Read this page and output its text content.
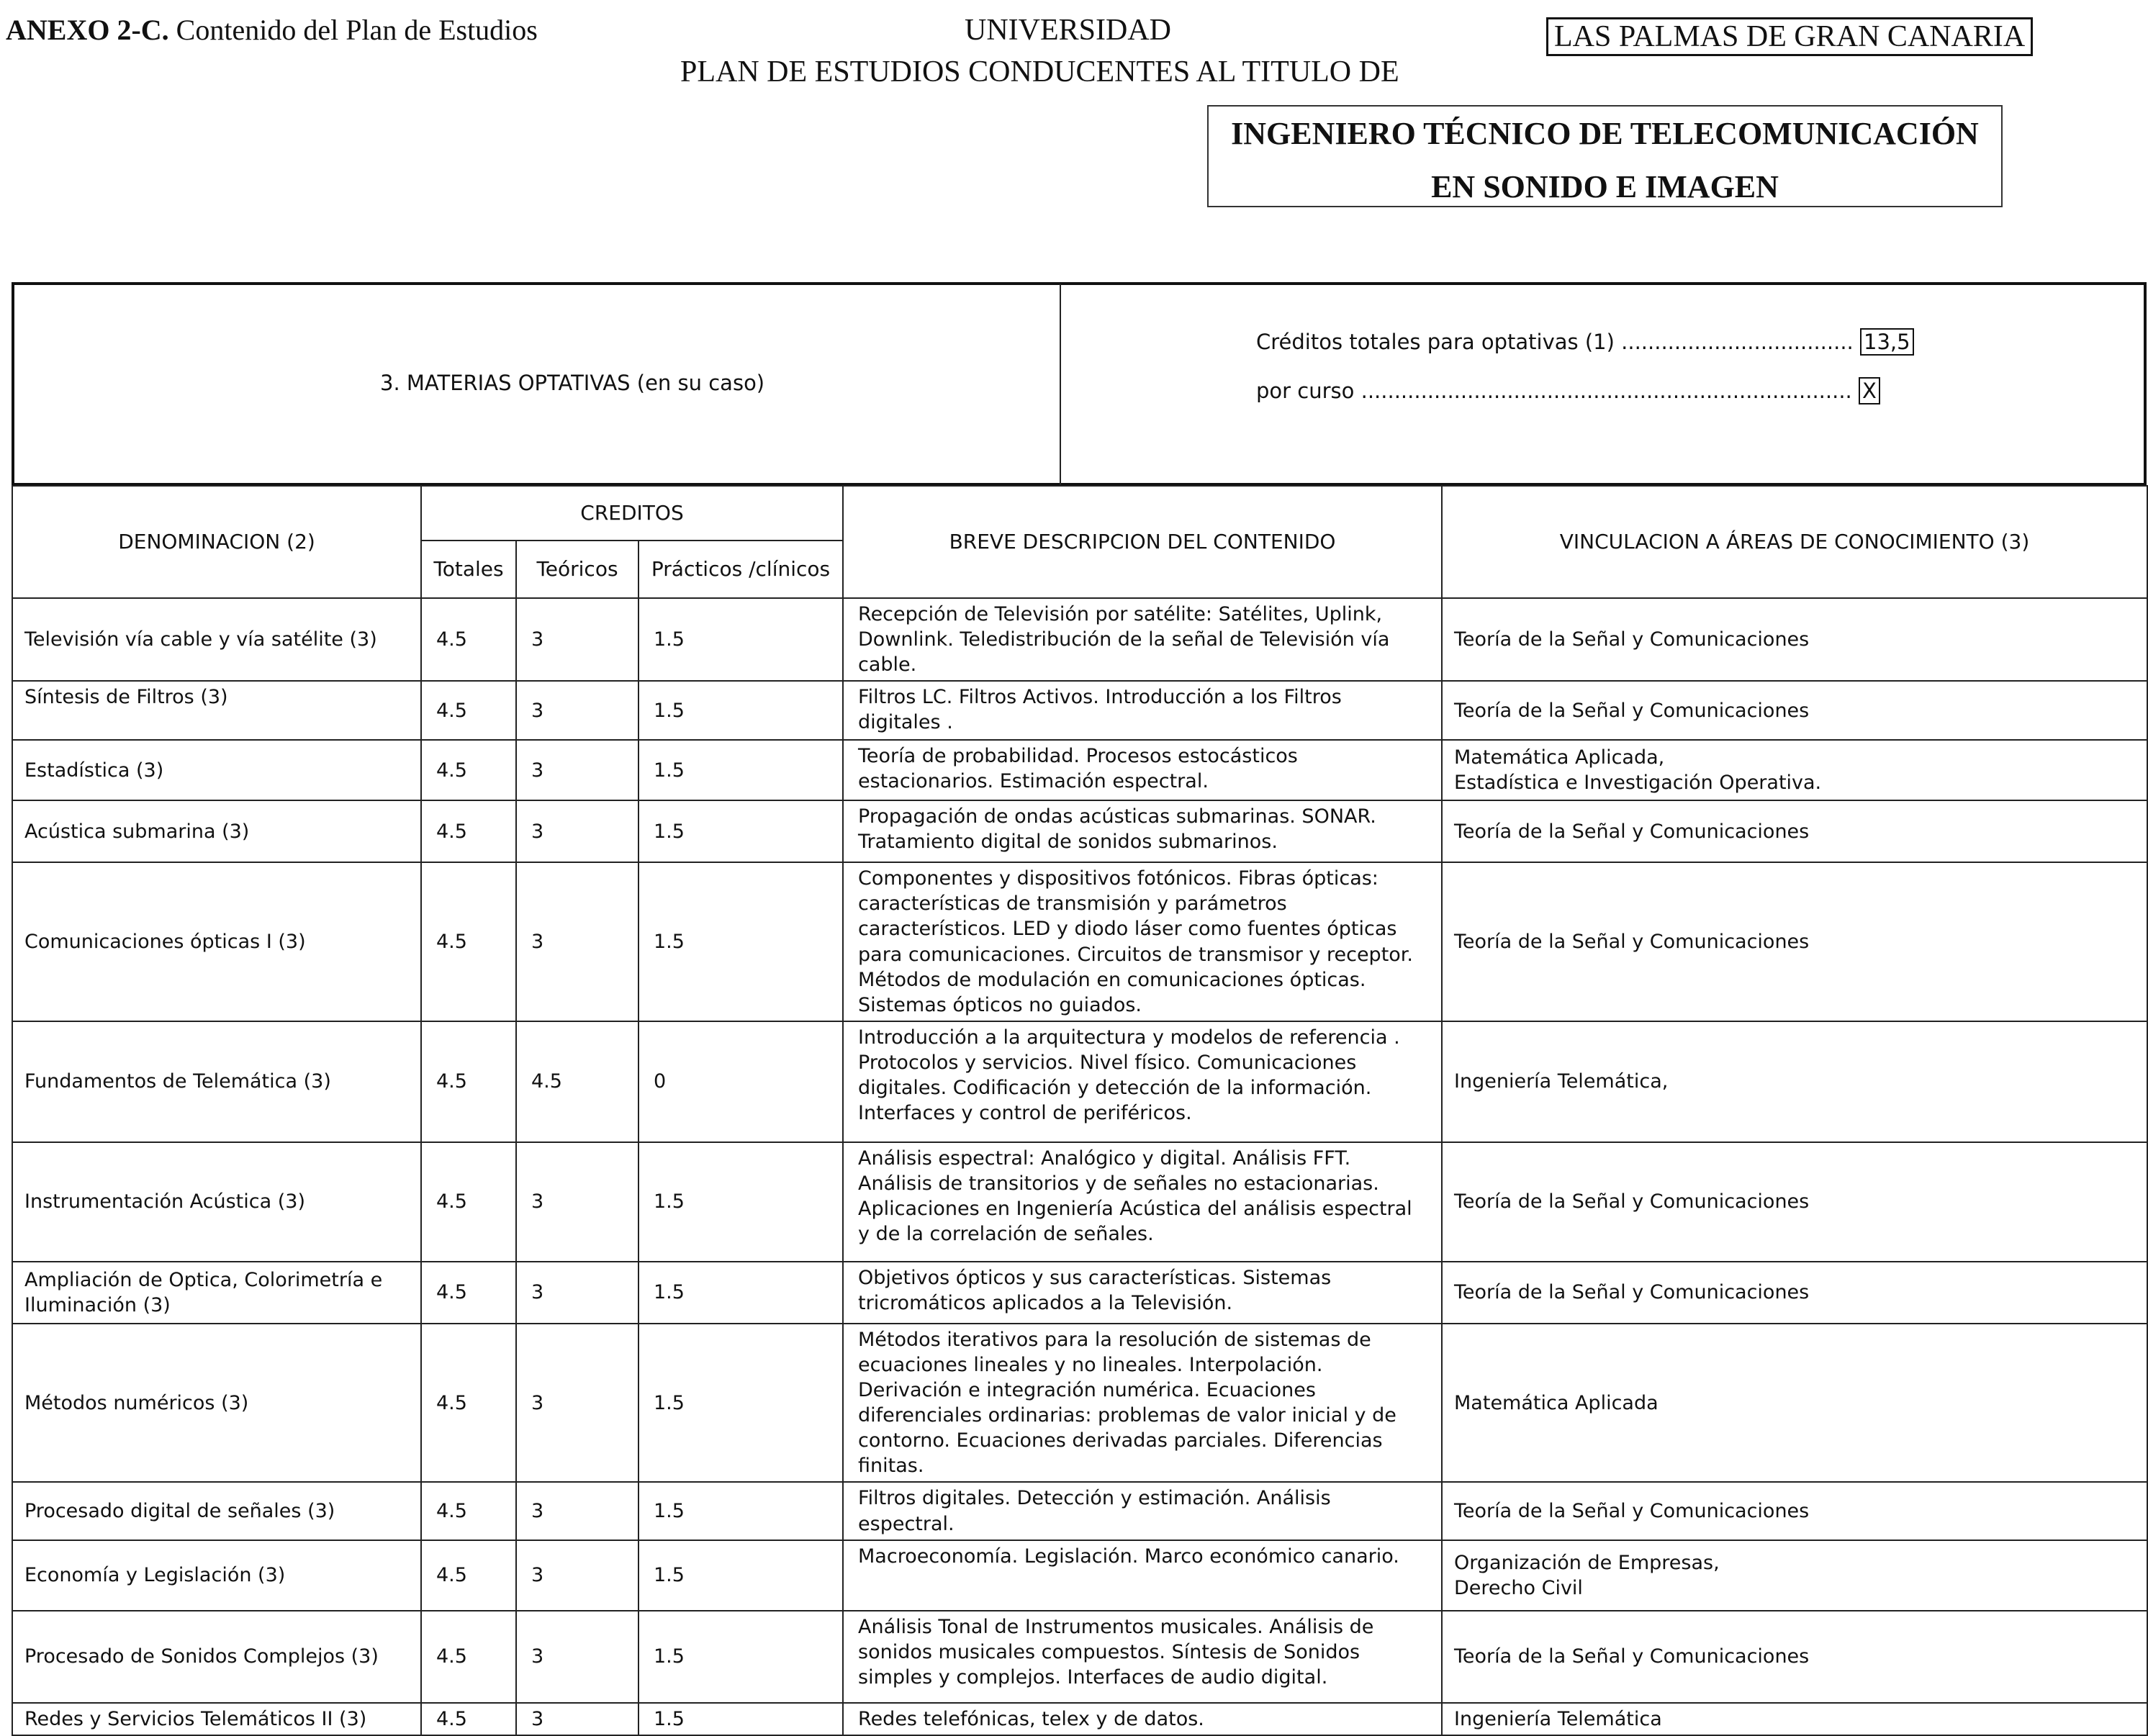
ANEXO 2-C. Contenido del Plan de Estudios	UNIVERSIDAD
PLAN DE ESTUDIOS CONDUCENTES AL TITULO DE
LAS PALMAS DE GRAN CANARIA
INGENIERO TÉCNICO DE TELECOMUNICACIÓN
EN SONIDO E IMAGEN
3. MATERIAS OPTATIVAS (en su caso)
Créditos totales para optativas (1) ................................... 13,5
por curso .......................................................................... X
DENOMINACION (2)	CREDITOS			BREVE DESCRIPCION DEL CONTENIDO	VINCULACION A ÁREAS DE CONOCIMIENTO (3)
	Totales	Teóricos	Prácticos /clínicos		
Televisión vía cable y vía satélite (3)	4.5	3	1.5	Recepción de Televisión por satélite: Satélites, Uplink, Downlink. Teledistribución de la señal de Televisión vía cable.	Teoría de la Señal y Comunicaciones
Síntesis de Filtros (3)	4.5	3	1.5	Filtros LC. Filtros Activos. Introducción a los Filtros digitales .	Teoría de la Señal y Comunicaciones
Estadística (3)	4.5	3	1.5	Teoría de probabilidad. Procesos estocásticos estacionarios. Estimación espectral.	Matemática Aplicada,
Estadística e Investigación Operativa.
Acústica submarina (3)	4.5	3	1.5	Propagación de ondas acústicas submarinas. SONAR. Tratamiento digital de sonidos submarinos.	Teoría de la Señal y Comunicaciones
Comunicaciones ópticas I (3)	4.5	3	1.5	Componentes y dispositivos fotónicos. Fibras ópticas: características de transmisión y parámetros característicos. LED y diodo láser como fuentes ópticas para comunicaciones. Circuitos de transmisor y receptor. Métodos de modulación en comunicaciones ópticas. Sistemas ópticos no guiados.	Teoría de la Señal y Comunicaciones
Fundamentos de Telemática (3)	4.5	4.5	0	Introducción a la arquitectura y modelos de referencia . Protocolos y servicios. Nivel físico. Comunicaciones digitales. Codificación y detección de la información. Interfaces y control de periféricos.	Ingeniería Telemática,
Instrumentación Acústica (3)	4.5	3	1.5	Análisis espectral: Analógico y digital. Análisis FFT. Análisis de transitorios y de señales no estacionarias. Aplicaciones en Ingeniería Acústica del análisis espectral y de la correlación de señales.	Teoría de la Señal y Comunicaciones
Ampliación de Optica, Colorimetría e Iluminación (3)	4.5	3	1.5	Objetivos ópticos y sus características. Sistemas tricromáticos aplicados a la Televisión.	Teoría de la Señal y Comunicaciones
Métodos numéricos (3)	4.5	3	1.5	Métodos iterativos para la resolución de sistemas de ecuaciones lineales y no lineales. Interpolación. Derivación e integración numérica. Ecuaciones diferenciales ordinarias: problemas de valor inicial y de contorno. Ecuaciones derivadas parciales. Diferencias finitas.	Matemática Aplicada
Procesado digital de señales (3)	4.5	3	1.5	Filtros digitales. Detección y estimación. Análisis espectral.	Teoría de la Señal y Comunicaciones
Economía y Legislación (3)	4.5	3	1.5	Macroeconomía. Legislación. Marco económico canario.	Organización de Empresas,
Derecho Civil
Procesado de Sonidos Complejos (3)	4.5	3	1.5	Análisis Tonal de Instrumentos musicales. Análisis de sonidos musicales compuestos. Síntesis de Sonidos simples y complejos. Interfaces de audio digital.	Teoría de la Señal y Comunicaciones
Redes y Servicios Telemáticos II (3)	4.5	3	1.5	Redes telefónicas, telex y de datos.	Ingeniería Telemática
